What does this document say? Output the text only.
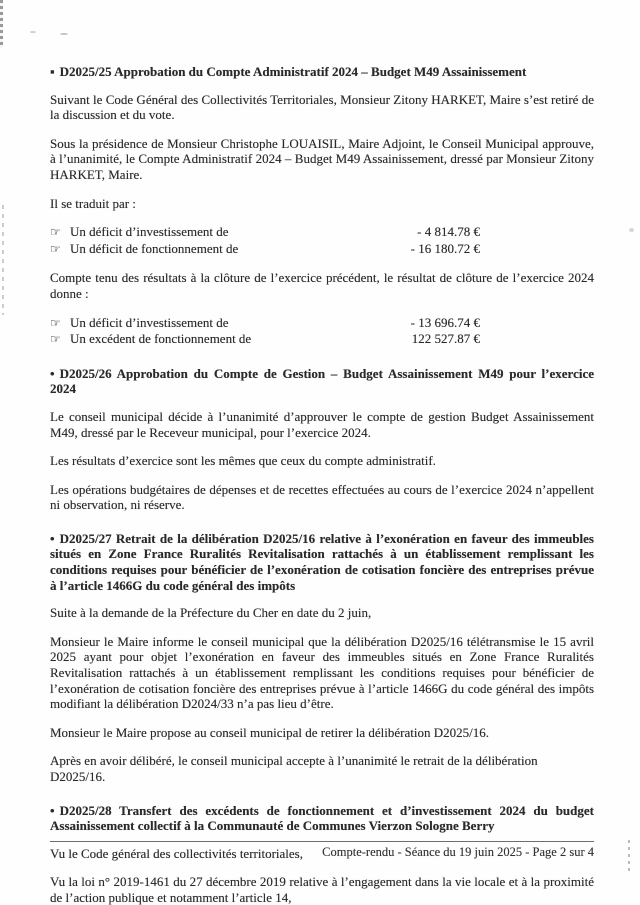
▪ D2025/25 Approbation du Compte Administratif 2024 – Budget M49 Assainissement

Suivant le Code Général des Collectivités Territoriales, Monsieur Zitony HARKET, Maire s’est retiré de la discussion et du vote.

Sous la présidence de Monsieur Christophe LOUAISIL, Maire Adjoint, le Conseil Municipal approuve, à l’unanimité, le Compte Administratif 2024 – Budget M49 Assainissement, dressé par Monsieur Zitony HARKET, Maire.

Il se traduit par :

☞ Un déficit d’investissement de	- 4 814.78 €
☞ Un déficit de fonctionnement de	- 16 180.72 €

Compte tenu des résultats à la clôture de l’exercice précédent, le résultat de clôture de l’exercice 2024 donne :

☞ Un déficit d’investissement de	- 13 696.74 €
☞ Un excédent de fonctionnement de	122 527.87 €
• D2025/26 Approbation du Compte de Gestion – Budget Assainissement M49 pour l’exercice 2024

Le conseil municipal décide à l’unanimité d’approuver le compte de gestion Budget Assainissement M49, dressé par le Receveur municipal, pour l’exercice 2024.

Les résultats d’exercice sont les mêmes que ceux du compte administratif.

Les opérations budgétaires de dépenses et de recettes effectuées au cours de l’exercice 2024 n’appellent ni observation, ni réserve.

• D2025/27 Retrait de la délibération D2025/16 relative à l’exonération en faveur des immeubles situés en Zone France Ruralités Revitalisation rattachés à un établissement remplissant les conditions requises pour bénéficier de l’exonération de cotisation foncière des entreprises prévue à l’article 1466G du code général des impôts

Suite à la demande de la Préfecture du Cher en date du 2 juin,

Monsieur le Maire informe le conseil municipal que la délibération D2025/16 télétransmise le 15 avril 2025 ayant pour objet l’exonération en faveur des immeubles situés en Zone France Ruralités Revitalisation rattachés à un établissement remplissant les conditions requises pour bénéficier de l’exonération de cotisation foncière des entreprises prévue à l’article 1466G du code général des impôts modifiant la délibération D2024/33 n’a pas lieu d’être.

Monsieur le Maire propose au conseil municipal de retirer la délibération D2025/16.

Après en avoir délibéré, le conseil municipal accepte à l’unanimité le retrait de la délibération D2025/16.

• D2025/28 Transfert des excédents de fonctionnement et d’investissement 2024 du budget Assainissement collectif à la Communauté de Communes Vierzon Sologne Berry

Vu le Code général des collectivités territoriales,

Vu la loi n° 2019-1461 du 27 décembre 2019 relative à l’engagement dans la vie locale et à la proximité de l’action publique et notamment l’article 14,

Compte-rendu - Séance du 19 juin 2025 - Page 2 sur 4
